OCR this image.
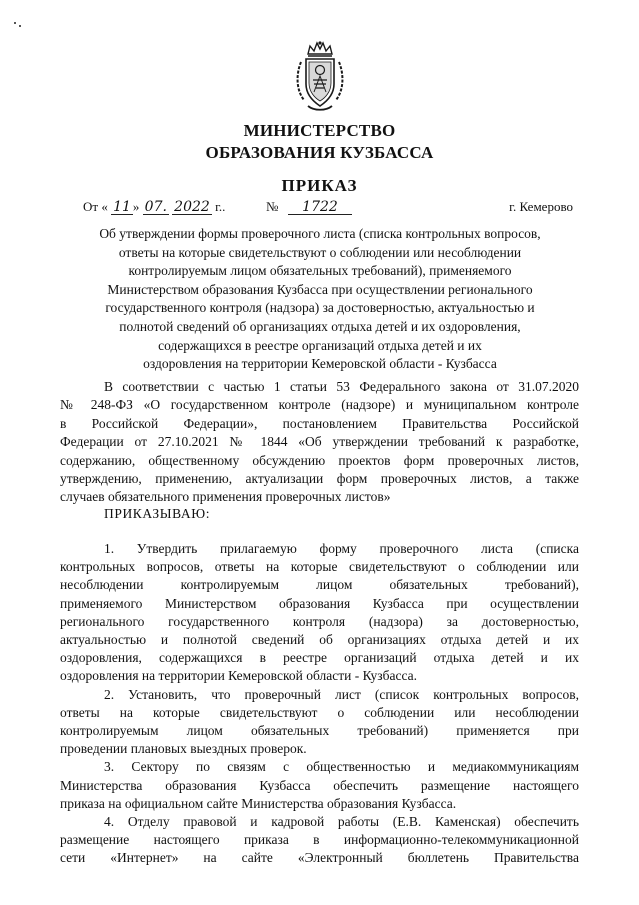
МИНИСТЕРСТВО
ОБРАЗОВАНИЯ КУЗБАССА
ПРИКАЗ
От « 11 » 07. 2022 г..	№ 1722	г. Кемерово
Об утверждении формы проверочного листа (списка контрольных вопросов,
ответы на которые свидетельствуют о соблюдении или несоблюдении
контролируемым лицом обязательных требований), применяемого
Министерством образования Кузбасса при осуществлении регионального
государственного контроля (надзора) за достоверностью, актуальностью и
полнотой сведений об организациях отдыха детей и их оздоровления,
содержащихся в реестре организаций отдыха детей и их
оздоровления на территории Кемеровской области - Кузбасса
В соответствии с частью 1 статьи 53 Федерального закона от 31.07.2020
№ 248-ФЗ «О государственном контроле (надзоре) и муниципальном контроле
в Российской Федерации», постановлением Правительства Российской
Федерации от 27.10.2021 № 1844 «Об утверждении требований к разработке,
содержанию, общественному обсуждению проектов форм проверочных листов,
утверждению, применению, актуализации форм проверочных листов, а также
случаев обязательного применения проверочных листов»
ПРИКАЗЫВАЮ:
1. Утвердить прилагаемую форму проверочного листа (списка
контрольных вопросов, ответы на которые свидетельствуют о соблюдении или
несоблюдении контролируемым лицом обязательных требований),
применяемого Министерством образования Кузбасса при осуществлении
регионального государственного контроля (надзора) за достоверностью,
актуальностью и полнотой сведений об организациях отдыха детей и их
оздоровления, содержащихся в реестре организаций отдыха детей и их
оздоровления на территории Кемеровской области - Кузбасса.
2. Установить, что проверочный лист (список контрольных вопросов,
ответы на которые свидетельствуют о соблюдении или несоблюдении
контролируемым лицом обязательных требований) применяется при
проведении плановых выездных проверок.
3. Сектору по связям с общественностью и медиакоммуникациям
Министерства образования Кузбасса обеспечить размещение настоящего
приказа на официальном сайте Министерства образования Кузбасса.
4. Отделу правовой и кадровой работы (Е.В. Каменская) обеспечить
размещение настоящего приказа в информационно-телекоммуникационной
сети «Интернет» на сайте «Электронный бюллетень Правительства
